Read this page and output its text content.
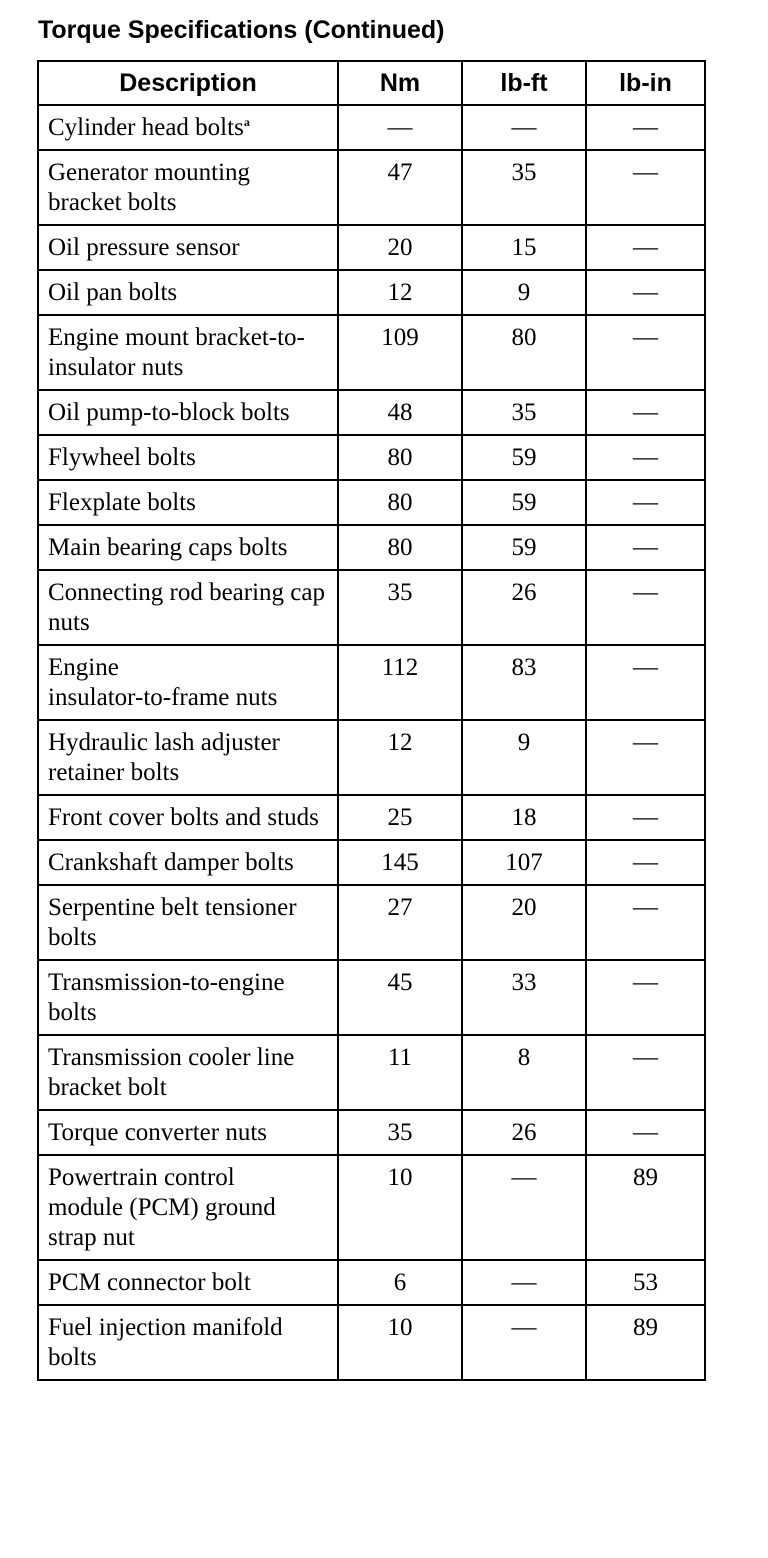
Torque Specifications (Continued)
Description	Nm	lb-ft	lb-in
Cylinder head bolts$^a$	—	—	—
Generator mounting
bracket bolts	47	35	—
Oil pressure sensor	20	15	—
Oil pan bolts	12	9	—
Engine mount bracket-to-insulator nuts	109	80	—
Oil pump-to-block bolts	48	35	—
Flywheel bolts	80	59	—
Flexplate bolts	80	59	—
Main bearing caps bolts	80	59	—
Connecting rod bearing cap nuts	35	26	—
Engine
insulator-to-frame nuts	112	83	—
Hydraulic lash adjuster retainer bolts	12	9	—
Front cover bolts and studs	25	18	—
Crankshaft damper bolts	145	107	—
Serpentine belt tensioner bolts	27	20	—
Transmission-to-engine bolts	45	33	—
Transmission cooler line bracket bolt	11	8	—
Torque converter nuts	35	26	—
Powertrain control
module (PCM) ground
strap nut	10	—	89
PCM connector bolt	6	—	53
Fuel injection manifold bolts	10	—	89
